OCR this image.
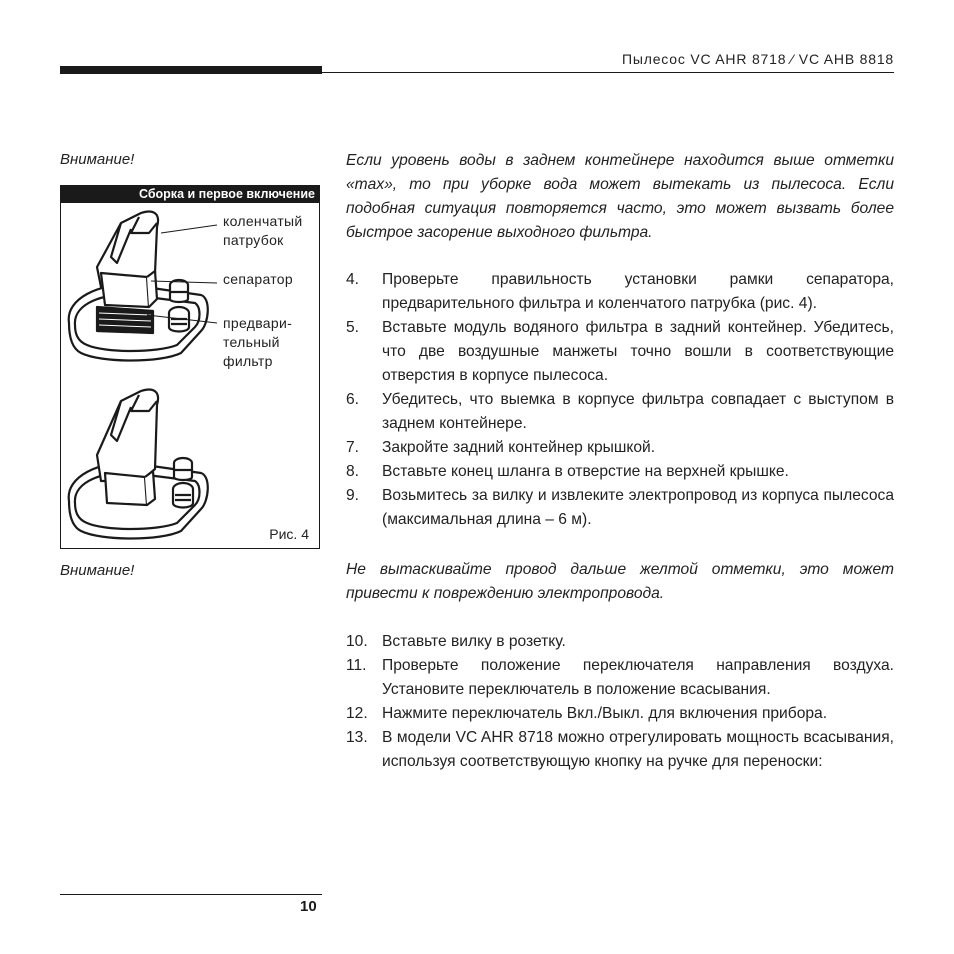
Пылесос VC AHR 8718 ⁄ VC AHB 8818
Внимание!
Сборка и первое включение
коленчатый патрубок
сепаратор
предвари- тельный фильтр
Рис. 4
Внимание!
Если уровень воды в заднем контейнере находится выше отметки «max», то при уборке вода может вытекать из пылесоса. Если подобная ситуация повторяется часто, это может вызвать более быстрое засорение выходного фильтра.
4. Проверьте правильность установки рамки сепаратора, предварительного фильтра и коленчатого патрубка (рис. 4).
5. Вставьте модуль водяного фильтра в задний контейнер. Убедитесь, что две воздушные манжеты точно вошли в соответствующие отверстия в корпусе пылесоса.
6. Убедитесь, что выемка в корпусе фильтра совпадает с выступом в заднем контейнере.
7. Закройте задний контейнер крышкой.
8. Вставьте конец шланга в отверстие на верхней крышке.
9. Возьмитесь за вилку и извлеките электропровод из корпуса пылесоса (максимальная длина – 6 м).
Не вытаскивайте провод дальше желтой отметки, это может привести к повреждению электропровода.
10. Вставьте вилку в розетку.
11. Проверьте положение переключателя направления воздуха. Установите переключатель в положение всасывания.
12. Нажмите переключатель Вкл./Выкл. для включения прибора.
13. В модели VC AHR 8718 можно отрегулировать мощность всасывания, используя соответствующую кнопку на ручке для переноски:
10
